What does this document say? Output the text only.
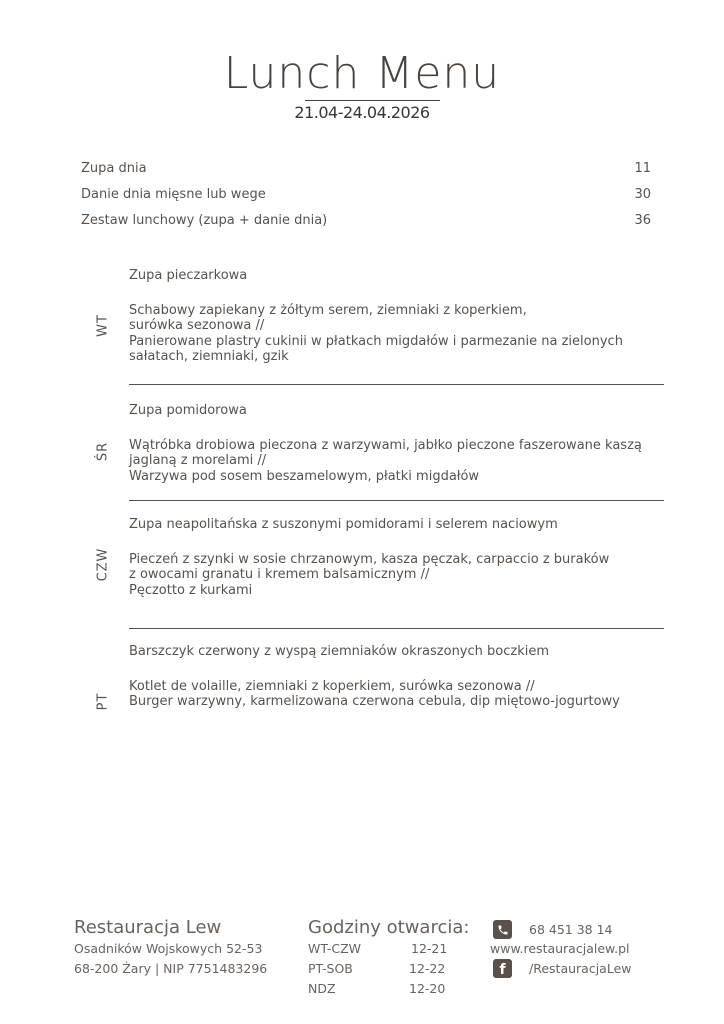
Lunch Menu
21.04-24.04.2026
Zupa dnia	11
Danie dnia mięsne lub wege	30
Zestaw lunchowy (zupa + danie dnia)	36
WT

Zupa pieczarkowa

Schabowy zapiekany z żółtym serem, ziemniaki z koperkiem,
surówka sezonowa //
Panierowane plastry cukinii w płatkach migdałów i parmezanie na zielonych sałatach, ziemniaki, gzik

ŚR

Zupa pomidorowa

Wątróbka drobiowa pieczona z warzywami, jabłko pieczone faszerowane kaszą jaglaną z morelami //
Warzywa pod sosem beszamelowym, płatki migdałów

CZW

Zupa neapolitańska z suszonymi pomidorami i selerem naciowym

Pieczeń z szynki w sosie chrzanowym, kasza pęczak, carpaccio z buraków
z owocami granatu i kremem balsamicznym //
Pęczotto z kurkami

PT

Barszczyk czerwony z wyspą ziemniaków okraszonych boczkiem

Kotlet de volaille, ziemniaki z koperkiem, surówka sezonowa //
Burger warzywny, karmelizowana czerwona cebula, dip miętowo-jogurtowy

Restauracja Lew
Osadników Wojskowych 52-53
68-200 Żary | NIP 7751483296
Godziny otwarcia:
WT-CZW	12-21
PT-SOB	12-22
NDZ	12-20
68 451 38 14
www.restauracjalew.pl
f /RestauracjaLew
